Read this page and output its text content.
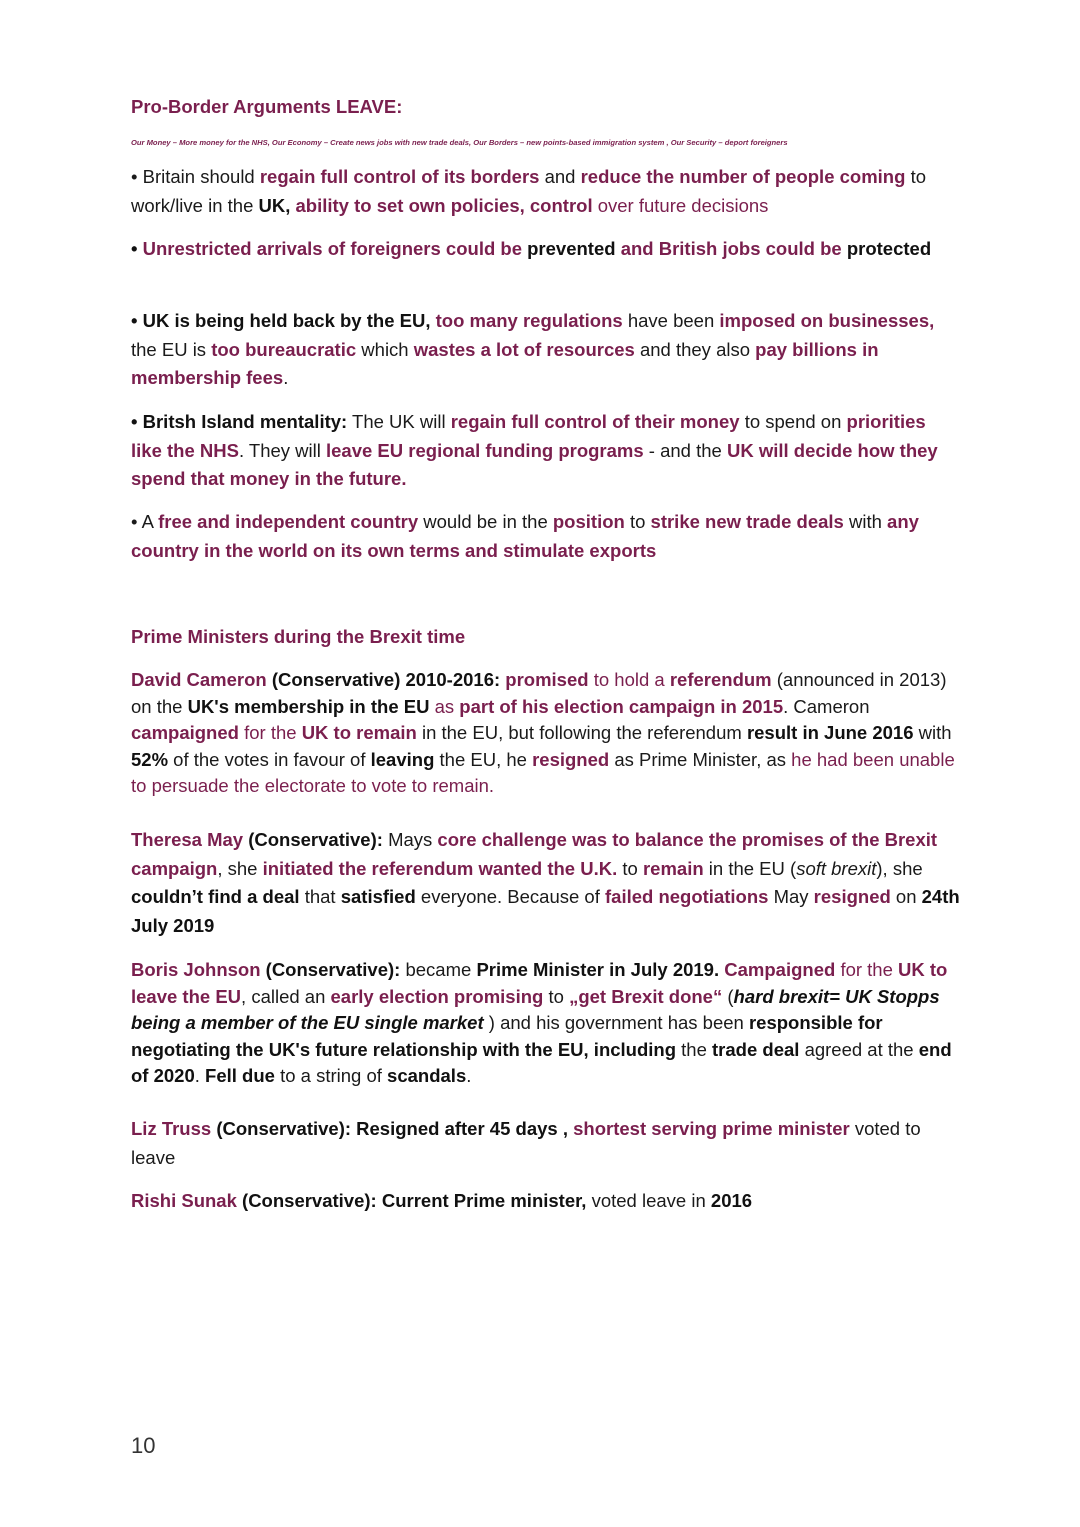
Pro-Border Arguments LEAVE:
Our Money – More money for the NHS, Our Economy – Create news jobs with new trade deals, Our Borders – new points-based immigration system , Our Security – deport foreigners
• Britain should regain full control of its borders and reduce the number of people coming to work/live in the UK, ability to set own policies, control over future decisions
• Unrestricted arrivals of foreigners could be prevented and British jobs could be protected
• UK is being held back by the EU, too many regulations have been imposed on businesses, the EU is too bureaucratic which wastes a lot of resources and they also pay billions in membership fees.
• Britsh Island mentality: The UK will regain full control of their money to spend on priorities like the NHS. They will leave EU regional funding programs - and the UK will decide how they spend that money in the future.
• A free and independent country would be in the position to strike new trade deals with any country in the world on its own terms and stimulate exports
Prime Ministers during the Brexit time
David Cameron (Conservative) 2010-2016: promised to hold a referendum (announced in 2013) on the UK's membership in the EU as part of his election campaign in 2015. Cameron campaigned for the UK to remain in the EU, but following the referendum result in June 2016 with 52% of the votes in favour of leaving the EU, he resigned as Prime Minister, as he had been unable to persuade the electorate to vote to remain.
Theresa May (Conservative): Mays core challenge was to balance the promises of the Brexit campaign, she initiated the referendum wanted the U.K. to remain in the EU (soft brexit), she couldn’t find a deal that satisfied everyone. Because of failed negotiations May resigned on 24th July 2019
Boris Johnson (Conservative): became Prime Minister in July 2019. Campaigned for the UK to leave the EU, called an early election promising to „get Brexit done“ (hard brexit= UK Stopps being a member of the EU single market ) and his government has been responsible for negotiating the UK's future relationship with the EU, including the trade deal agreed at the end of 2020. Fell due to a string of scandals.
Liz Truss (Conservative): Resigned after 45 days , shortest serving prime minister voted to leave
Rishi Sunak (Conservative): Current Prime minister, voted leave in 2016
10
